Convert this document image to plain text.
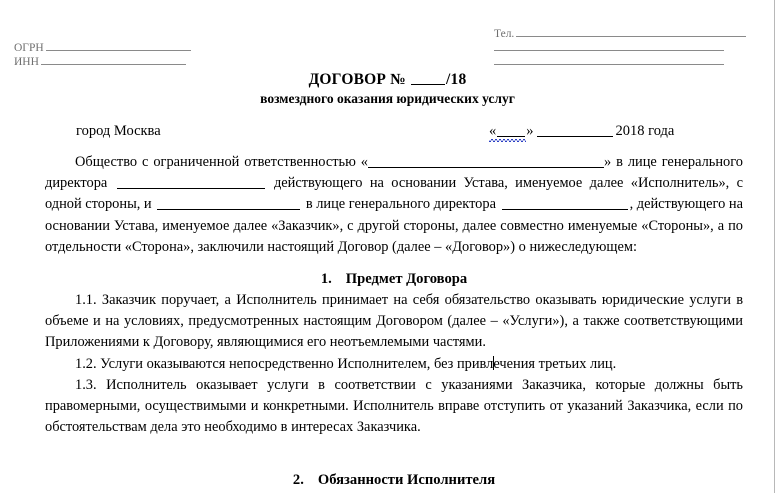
ОГРН
ИНН
Тел.
ДОГОВОР № /18
возмездного оказания юридических услуг
город Москва	« »	2018 года

Общество с ограниченной ответственностью «	» в лице генерального директора	действующего на основании Устава, именуемое далее «Исполнитель», с одной стороны, и	в лице генерального директора	, действующего на основании Устава, именуемое далее «Заказчик», с другой стороны, далее совместно именуемые «Стороны», а по отдельности «Сторона», заключили настоящий Договор (далее – «Договор») о нижеследующем:

1. Предмет Договора

1.1. Заказчик поручает, а Исполнитель принимает на себя обязательство оказывать юридические услуги в объеме и на условиях, предусмотренных настоящим Договором (далее – «Услуги»), а также соответствующими Приложениями к Договору, являющимися его неотъемлемыми частями.

1.2. Услуги оказываются непосредственно Исполнителем, без привлечения третьих лиц.

1.3. Исполнитель оказывает услуги в соответствии с указаниями Заказчика, которые должны быть правомерными, осуществимыми и конкретными. Исполнитель вправе отступить от указаний Заказчика, если по обстоятельствам дела это необходимо в интересах Заказчика.

2. Обязанности Исполнителя
